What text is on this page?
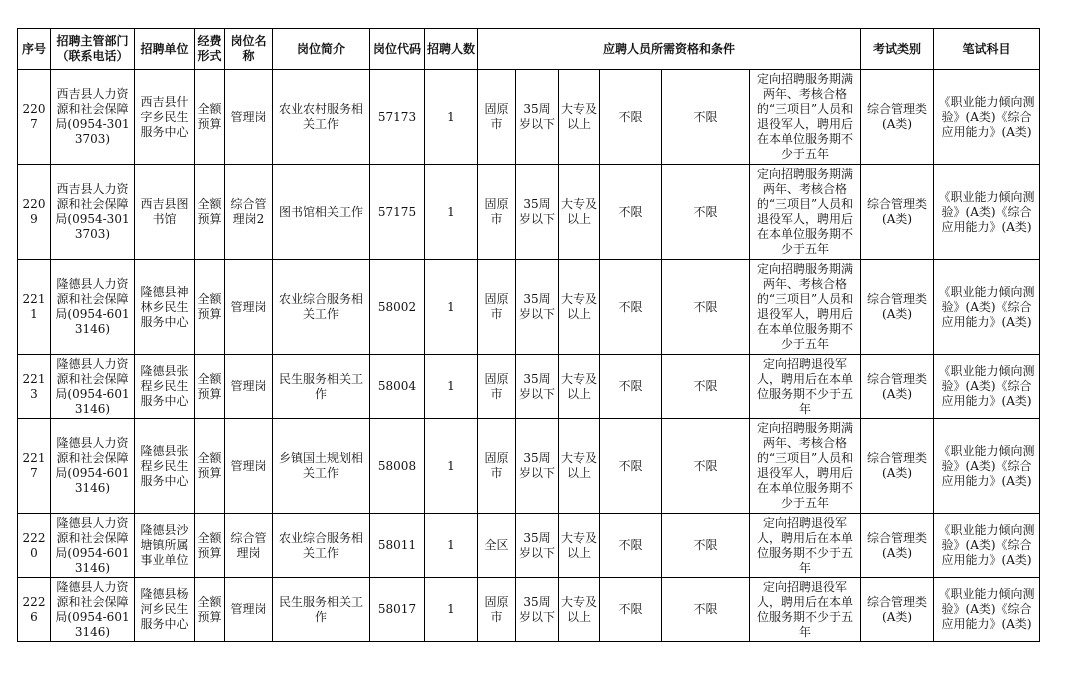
序号	招聘主管部门（联系电话）	招聘单位	经费形式	岗位名称	岗位简介	岗位代码	招聘人数	应聘人员所需资格和条件						考试类别	笔试科目
2207	西吉县人力资源和社会保障局(0954-3013703)	西吉县什字乡民生服务中心	全额预算	管理岗	农业农村服务相关工作	57173	1	固原市	35周岁以下	大专及以上	不限	不限	定向招聘服务期满两年、考核合格的“三项目”人员和退役军人，聘用后在本单位服务期不少于五年	综合管理类(A类)	《职业能力倾向测验》(A类)《综合应用能力》(A类)
2209	西吉县人力资源和社会保障局(0954-3013703)	西吉县图书馆	全额预算	综合管理岗2	图书馆相关工作	57175	1	固原市	35周岁以下	大专及以上	不限	不限	定向招聘服务期满两年、考核合格的“三项目”人员和退役军人，聘用后在本单位服务期不少于五年	综合管理类(A类)	《职业能力倾向测验》(A类)《综合应用能力》(A类)
2211	隆德县人力资源和社会保障局(0954-6013146)	隆德县神林乡民生服务中心	全额预算	管理岗	农业综合服务相关工作	58002	1	固原市	35周岁以下	大专及以上	不限	不限	定向招聘服务期满两年、考核合格的“三项目”人员和退役军人，聘用后在本单位服务期不少于五年	综合管理类(A类)	《职业能力倾向测验》(A类)《综合应用能力》(A类)
2213	隆德县人力资源和社会保障局(0954-6013146)	隆德县张程乡民生服务中心	全额预算	管理岗	民生服务相关工作	58004	1	固原市	35周岁以下	大专及以上	不限	不限	定向招聘退役军人，聘用后在本单位服务期不少于五年	综合管理类(A类)	《职业能力倾向测验》(A类)《综合应用能力》(A类)
2217	隆德县人力资源和社会保障局(0954-6013146)	隆德县张程乡民生服务中心	全额预算	管理岗	乡镇国土规划相关工作	58008	1	固原市	35周岁以下	大专及以上	不限	不限	定向招聘服务期满两年、考核合格的“三项目”人员和退役军人，聘用后在本单位服务期不少于五年	综合管理类(A类)	《职业能力倾向测验》(A类)《综合应用能力》(A类)
2220	隆德县人力资源和社会保障局(0954-6013146)	隆德县沙塘镇所属事业单位	全额预算	综合管理岗	农业综合服务相关工作	58011	1	全区	35周岁以下	大专及以上	不限	不限	定向招聘退役军人，聘用后在本单位服务期不少于五年	综合管理类(A类)	《职业能力倾向测验》(A类)《综合应用能力》(A类)
2226	隆德县人力资源和社会保障局(0954-6013146)	隆德县杨河乡民生服务中心	全额预算	管理岗	民生服务相关工作	58017	1	固原市	35周岁以下	大专及以上	不限	不限	定向招聘退役军人，聘用后在本单位服务期不少于五年	综合管理类(A类)	《职业能力倾向测验》(A类)《综合应用能力》(A类)
